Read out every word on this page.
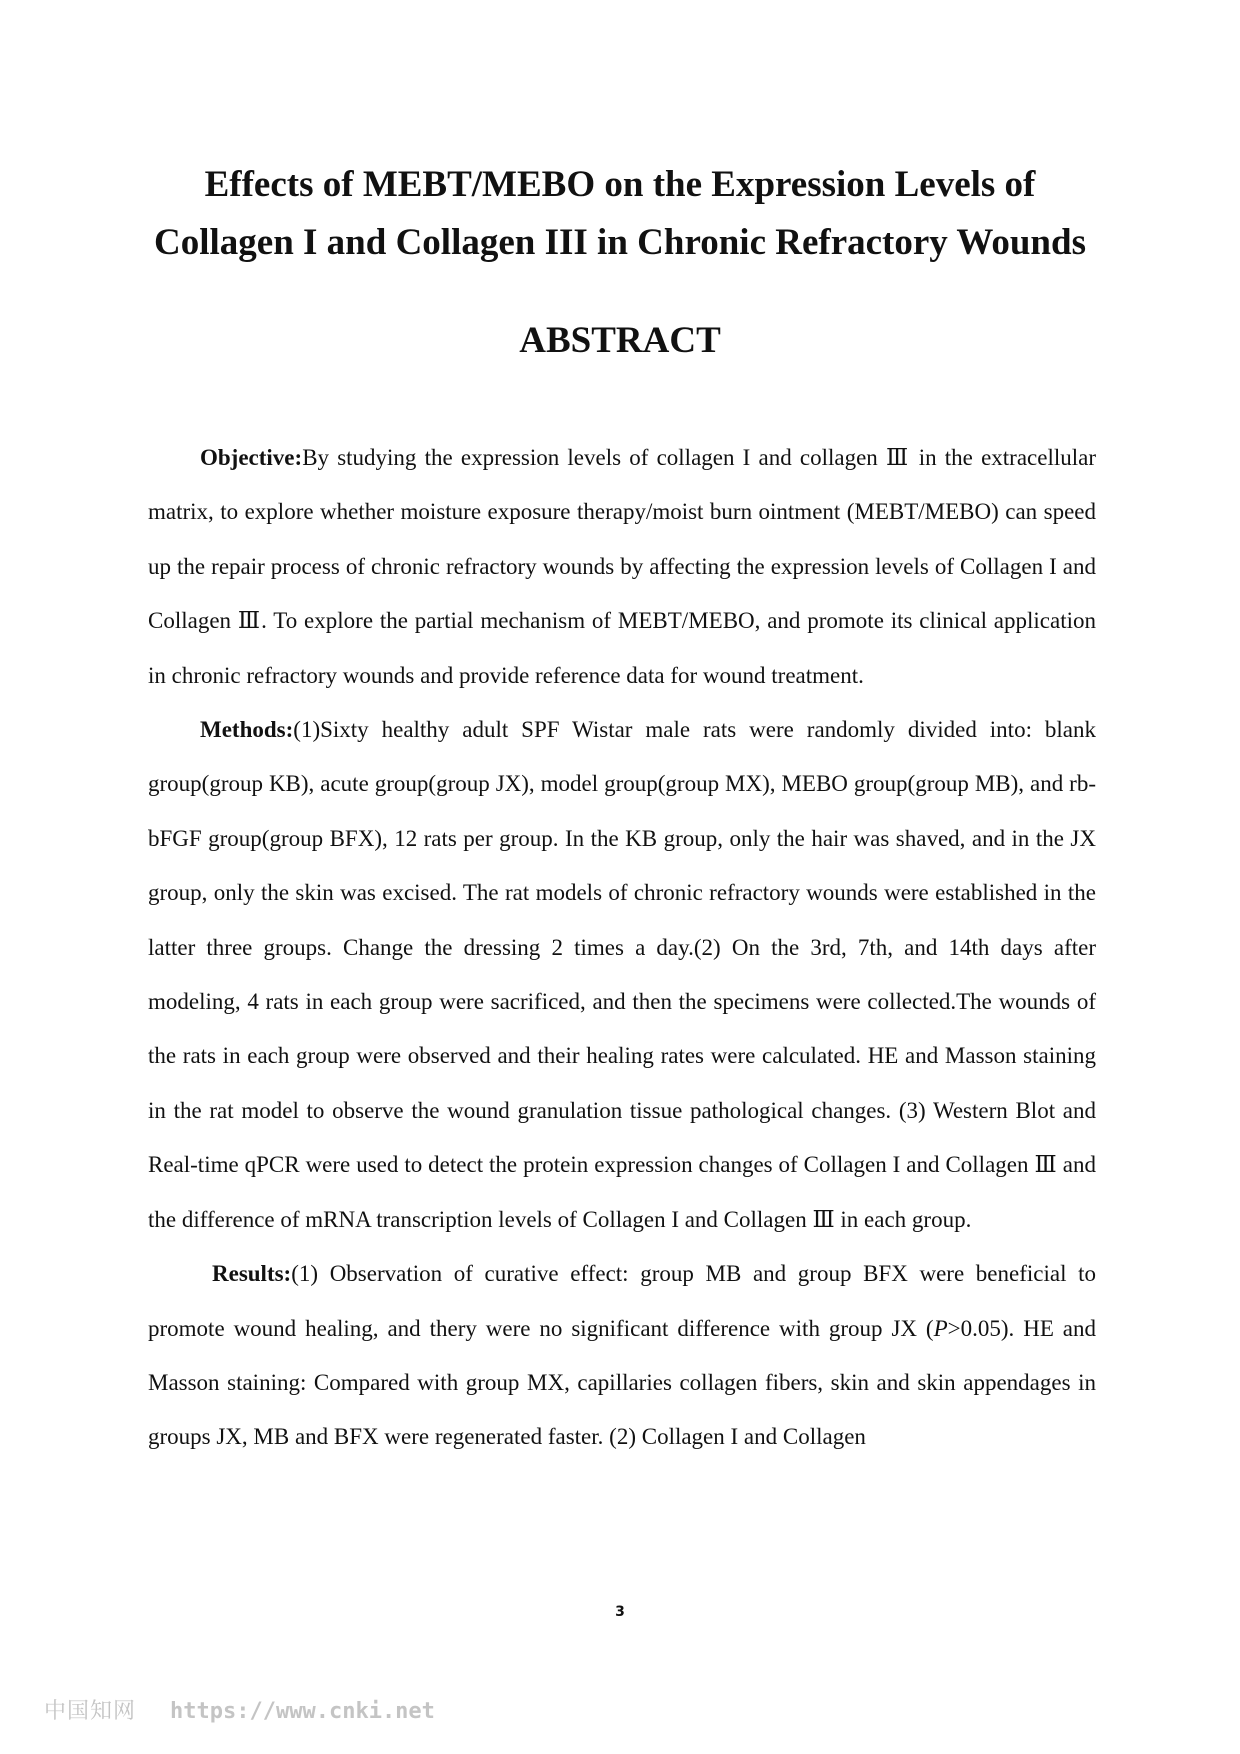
Effects of MEBT/MEBO on the Expression Levels of
Collagen I and Collagen III in Chronic Refractory Wounds
ABSTRACT

Objective:By studying the expression levels of collagen I and collagen Ⅲ in the extracellular matrix, to explore whether moisture exposure therapy/moist burn ointment (MEBT/MEBO) can speed up the repair process of chronic refractory wounds by affecting the expression levels of Collagen I and Collagen Ⅲ. To explore the partial mechanism of MEBT/MEBO, and promote its clinical application in chronic refractory wounds and provide reference data for wound treatment.

Methods:(1)Sixty healthy adult SPF Wistar male rats were randomly divided into: blank group(group KB), acute group(group JX), model group(group MX), MEBO group(group MB), and rb-bFGF group(group BFX), 12 rats per group. In the KB group, only the hair was shaved, and in the JX group, only the skin was excised. The rat models of chronic refractory wounds were established in the latter three groups. Change the dressing 2 times a day.(2) On the 3rd, 7th, and 14th days after modeling, 4 rats in each group were sacrificed, and then the specimens were collected.The wounds of the rats in each group were observed and their healing rates were calculated. HE and Masson staining in the rat model to observe the wound granulation tissue pathological changes. (3) Western Blot and Real-time qPCR were used to detect the protein expression changes of Collagen I and Collagen Ⅲ and the difference of mRNA transcription levels of Collagen I and Collagen Ⅲ in each group.

Results:(1) Observation of curative effect: group MB and group BFX were beneficial to promote wound healing, and thery were no significant difference with group JX (P>0.05). HE and Masson staining: Compared with group MX, capillaries collagen fibers, skin and skin appendages in groups JX, MB and BFX were regenerated faster. (2) Collagen I and Collagen

3
中国知网 https://www.cnki.net
